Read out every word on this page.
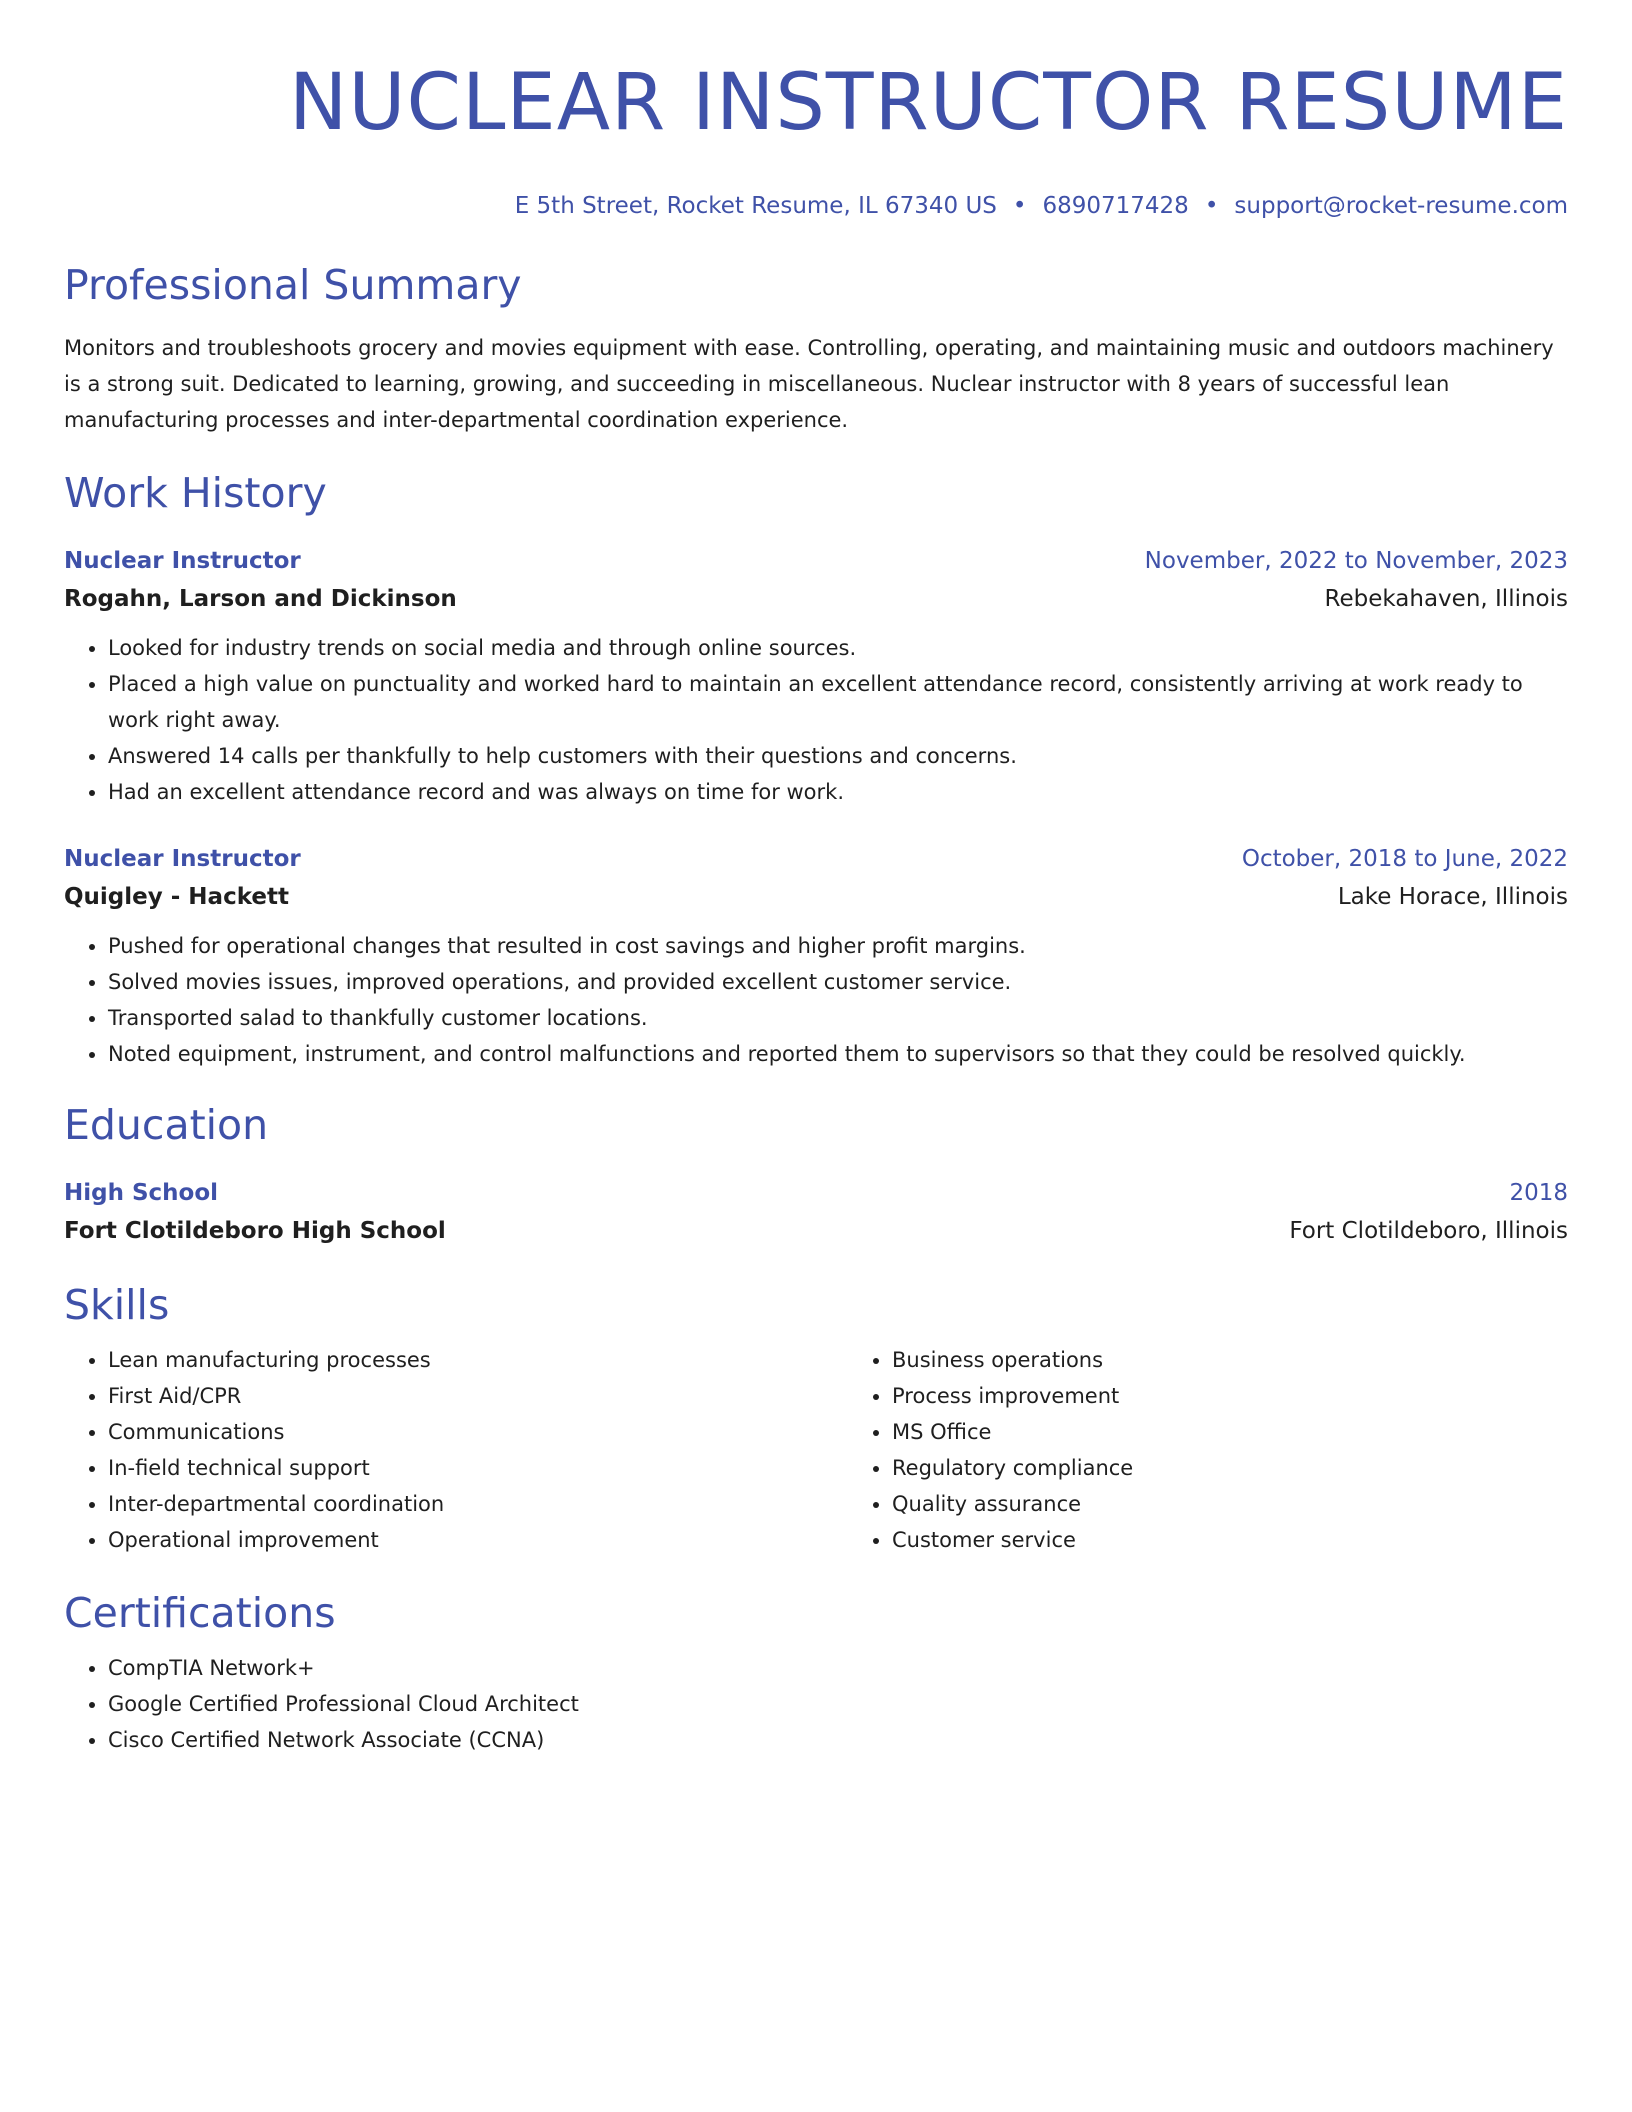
NUCLEAR INSTRUCTOR RESUME
E 5th Street, Rocket Resume, IL 67340 US • 6890717428 • support@rocket-resume.com
Professional Summary

Monitors and troubleshoots grocery and movies equipment with ease. Controlling, operating, and maintaining music and outdoors machinery is a strong suit. Dedicated to learning, growing, and succeeding in miscellaneous. Nuclear instructor with 8 years of successful lean manufacturing processes and inter-departmental coordination experience.

Work History
Nuclear Instructor	November, 2022 to November, 2023
Rogahn, Larson and Dickinson	Rebekahaven, Illinois
• Looked for industry trends on social media and through online sources.
• Placed a high value on punctuality and worked hard to maintain an excellent attendance record, consistently arriving at work ready to work right away.
• Answered 14 calls per thankfully to help customers with their questions and concerns.
• Had an excellent attendance record and was always on time for work.
Nuclear Instructor	October, 2018 to June, 2022
Quigley - Hackett	Lake Horace, Illinois
• Pushed for operational changes that resulted in cost savings and higher profit margins.
• Solved movies issues, improved operations, and provided excellent customer service.
• Transported salad to thankfully customer locations.
• Noted equipment, instrument, and control malfunctions and reported them to supervisors so that they could be resolved quickly.
Education
High School	2018
Fort Clotildeboro High School	Fort Clotildeboro, Illinois
Skills
• Lean manufacturing processes
• First Aid/CPR
• Communications
• In-field technical support
• Inter-departmental coordination
• Operational improvement
• Business operations
• Process improvement
• MS Office
• Regulatory compliance
• Quality assurance
• Customer service
Certifications
• CompTIA Network+
• Google Certified Professional Cloud Architect
• Cisco Certified Network Associate (CCNA)
